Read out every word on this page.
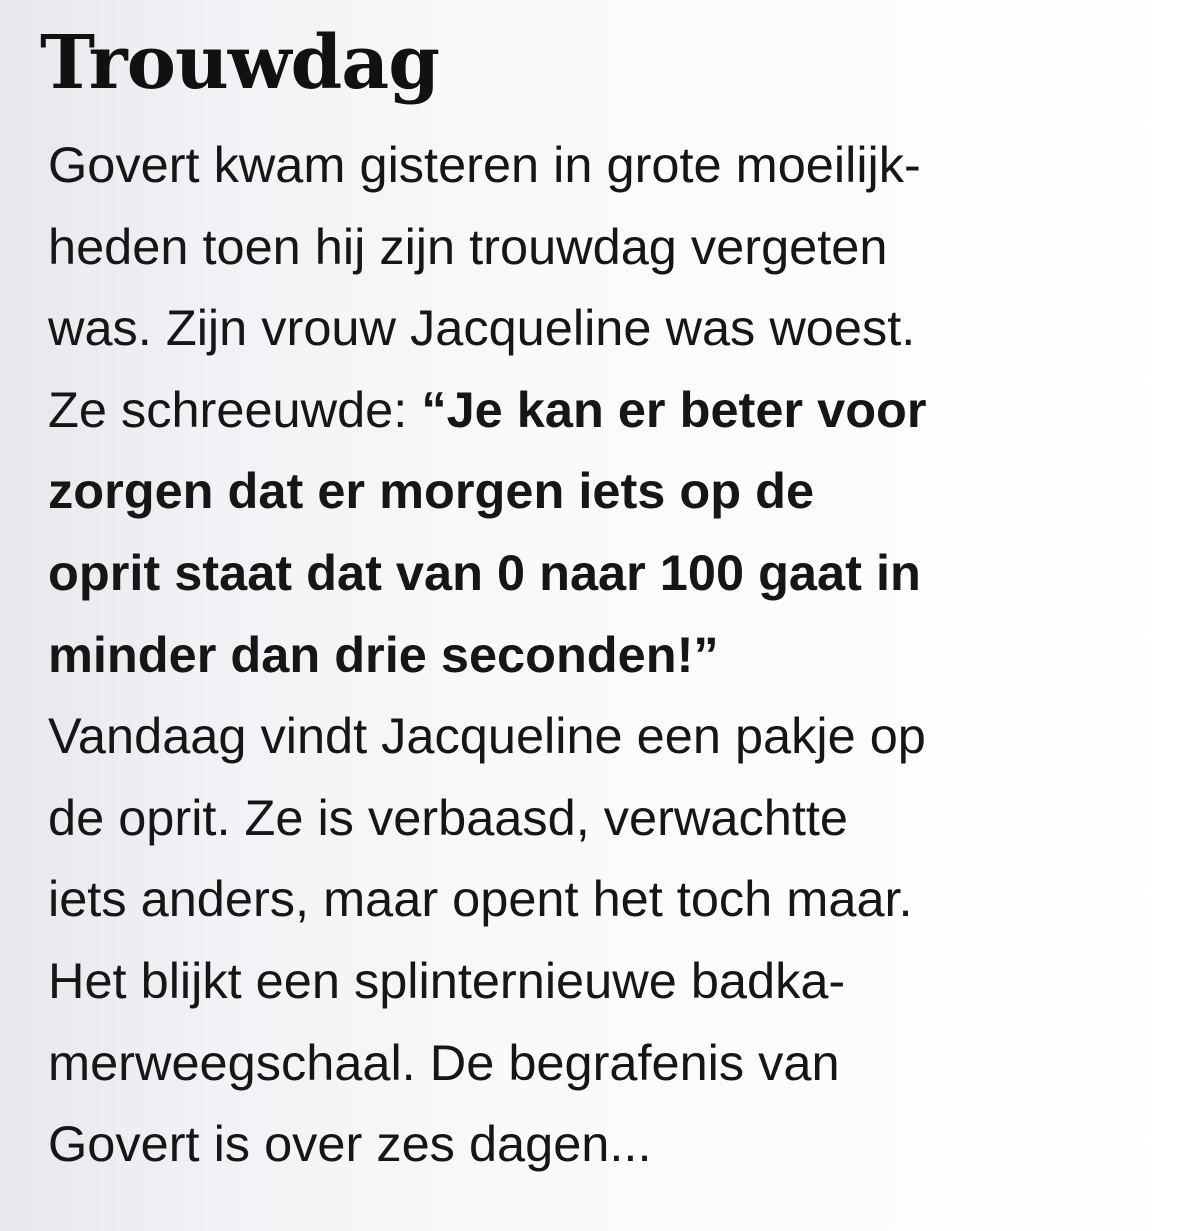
Trouwdag
Govert kwam gisteren in grote moeilijk-
heden toen hij zijn trouwdag vergeten
was. Zijn vrouw Jacqueline was woest.
Ze schreeuwde: “Je kan er beter voor
zorgen dat er morgen iets op de
oprit staat dat van 0 naar 100 gaat in
minder dan drie seconden!”
Vandaag vindt Jacqueline een pakje op
de oprit. Ze is verbaasd, verwachtte
iets anders, maar opent het toch maar.
Het blijkt een splinternieuwe badka-
merweegschaal. De begrafenis van
Govert is over zes dagen...
